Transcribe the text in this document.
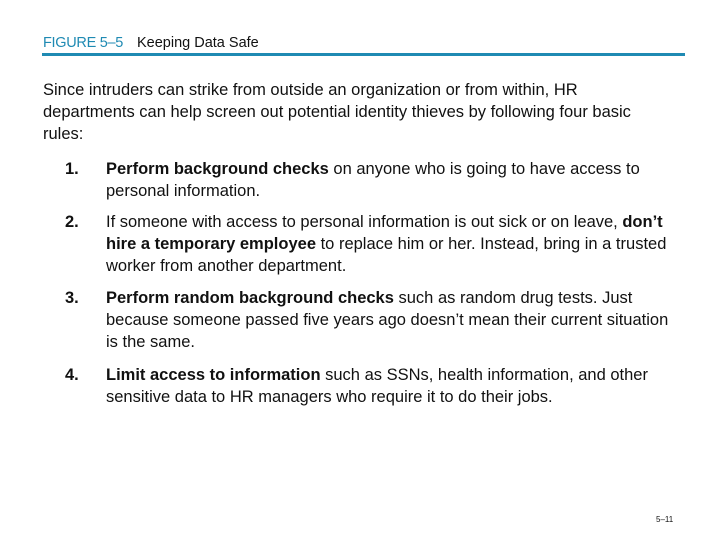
FIGURE 5–5 Keeping Data Safe
Since intruders can strike from outside an organization or from within, HR departments can help screen out potential identity thieves by following four basic rules:
1. Perform background checks on anyone who is going to have access to personal information.
2. If someone with access to personal information is out sick or on leave, don’t hire a temporary employee to replace him or her. Instead, bring in a trusted worker from another department.
3. Perform random background checks such as random drug tests. Just because someone passed five years ago doesn’t mean their current situation is the same.
4. Limit access to information such as SSNs, health information, and other sensitive data to HR managers who require it to do their jobs.
5–11
